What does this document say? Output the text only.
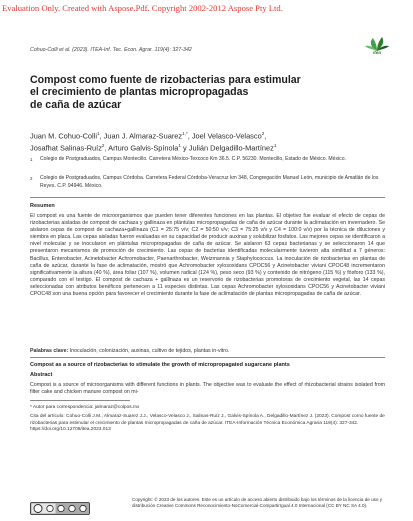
Evaluation Only. Created with Aspose.Pdf. Copyright 2002-2012 Aspose Pty Ltd.
Cohuo-Colli et al. (2023). ITEA-Inf. Tec. Econ. Agrar. 119(4): 327-342	itea
Compost como fuente de rizobacterias para estimular
el crecimiento de plantas micropropagadas
de caña de azúcar
Juan M. Cohuo-Colli$^1$, Juan J. Almaraz-Suarez$^{1,*}$, Joel Velasco-Velasco$^2$,
Josafhat Salinas-Ruíz$^2$, Arturo Galvis-Spínola$^1$ y Julián Delgadillo-Martínez$^1$
1 Colegio de Postgraduados, Campus Montecillo. Carretera México-Texcoco Km 36.5. C.P. 56230. Montecillo, Estado de México. México.
2 Colegio de Postgraduados, Campus Córdoba. Carretera Federal Córdoba-Veracruz km 348, Congregación Manuel León, municipio de Amatlán de los Reyes. C.P. 94946. México.
Resumen
El compost es una fuente de microorganismos que pueden tener diferentes funciones en las plantas. El objetivo fue evaluar el efecto de cepas de rizobacterias aisladas de compost de cachaza y gallinaza en plántulas micropropagadas de caña de azúcar durante la aclimatación en invernadero. Se aislaron cepas de compost de cachaza+gallinaza (C1 = 25:75 v/v; C2 = 50:50 v/v; C3 = 75:25 v/v y C4 = 100:0 v/v) por la técnica de diluciones y siembra en placa. Las cepas aisladas fueron evaluadas en su capacidad de producir auxinas y solubilizar fosfatos. Las mejores cepas se identificaron a nivel molecular y se inocularon en plántulas micropropagadas de caña de azúcar. Se aislaron 63 cepas bacterianas y se seleccionaron 14 que presentaron mecanismos de promoción de crecimiento. Las cepas de bacterias identificadas molecularmente tuvieron alta similitud a 7 géneros: Bacillus, Enterobacter, Acinetobacter Achromobacter, Paenarthrobacter, Weizmannia y Staphylococcus. La inoculación de rizobacterias en plantas de caña de azúcar, durante la fase de aclimatación, mostró que Achromobacter xylosoxidans CPOC56 y Acinetobacter viviani CPOC48 incrementaron significativamente la altura (40 %), área foliar (107 %), volumen radical (124 %), peso seco (93 %) y contenido de nitrógeno (115 %) y fósforo (133 %), comparado con el testigo. El compost de cachaza + gallinaza es un reservorio de rizobacterias promotoras de crecimiento vegetal, las 14 cepas seleccionadas con atributos benéficos pertenecen a 11 especies distintas. Las cepas Achromobacter xylosoxidans CPOC56 y Acinetobacter viviani CPOC48 son una buena opción para favorecer el crecimiento durante la fase de aclimatación de plantas micropropagadas de caña de azúcar.
Palabras clave: Inoculación, colonización, auxinas, cultivo de tejidos, plantas in-vitro.
Compost as a source of rizobacterias to stimulate the growth of micropropagated sugarcane plants
Abstract
Compost is a source of microorganisms with different functions in plants. The objective was to evaluate the effect of rhizobacterial strains isolated from filter cake and chicken manure compost on mi-
* Autor para correspondencia: jalmaraz@colpos.mx
Cita del artículo: Cohuo-Colli J.M., Almaraz-Suarez J.J., Velasco-Velasco J., Salinas-Ruíz J., Galvis-Spínola A., Delgadillo-Martínez J. (2023). Compost como fuente de rizobacterias para estimular el crecimiento de plantas micropropagadas de caña de azúcar. ITEA-Información Técnica Económica Agraria 119(4): 327-342. https://doi.org/10.12706/itea.2023.013
Copyright: © 2023 de los autores. Este es un artículo de acceso abierto distribuido bajo los términos de la licencia de uso y distribución Creative Commons Reconocimiento-NoComercial-CompartirIgual 4.0 Internacional (CC BY NC SA 4.0).
